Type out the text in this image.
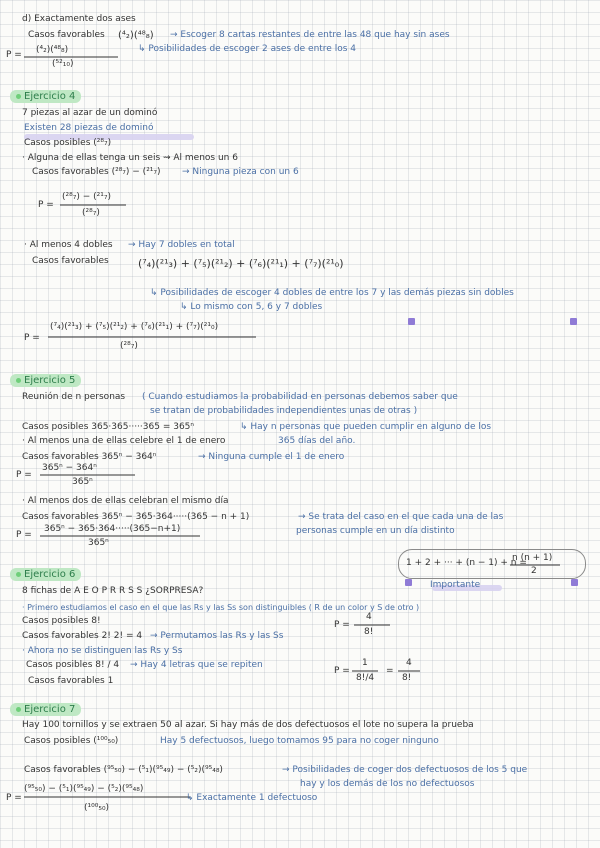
d) Exactamente dos ases
Casos favorables (⁴₂)(⁴⁸₈) → Escoger 8 cartas restantes de entre las 48 que hay sin ases
↳ Posibilidades de escoger 2 ases de entre los 4
P = (⁴₂)(⁴⁸₈)
(⁵²₁₀)
Ejercicio 4
7 piezas al azar de un dominó
Existen 28 piezas de dominó
Casos posibles (²⁸₇)
· Alguna de ellas tenga un seis ⇝ Al menos un 6
Casos favorables (²⁸₇) − (²¹₇) → Ninguna pieza con un 6
P =
(²⁸₇) − (²¹₇)
(²⁸₇)
· Al menos 4 dobles → Hay 7 dobles en total
Casos favorables	(⁷₄)(²¹₃) + (⁷₅)(²¹₂) + (⁷₆)(²¹₁) + (⁷₇)(²¹₀)
↳ Posibilidades de escoger 4 dobles de entre los 7 y las demás piezas sin dobles
↳ Lo mismo con 5, 6 y 7 dobles
P =
(⁷₄)(²¹₃) + (⁷₅)(²¹₂) + (⁷₆)(²¹₁) + (⁷₇)(²¹₀)
(²⁸₇)
Ejercicio 5
Reunión de n personas ( Cuando estudiamos la probabilidad en personas debemos saber que
se tratan de probabilidades independientes unas de otras )
Casos posibles 365·365·····365 = 365ⁿ	↳ Hay n personas que pueden cumplir en alguno de los
· Al menos una de ellas celebre el 1 de enero	365 días del año.
Casos favorables 365ⁿ − 364ⁿ	→ Ninguna cumple el 1 de enero
P =
365ⁿ − 364ⁿ
365ⁿ
· Al menos dos de ellas celebran el mismo día
Casos favorables 365ⁿ − 365·364·····(365 − n + 1)	→ Se trata del caso en el que cada una de las
personas cumple en un día distinto
P =
365ⁿ − 365·364·····(365−n+1)
365ⁿ
1 + 2 + ··· + (n − 1) + n =
n (n + 1)
2
Importante
Ejercicio 6
8 fichas de A E O P R R S S ¿SORPRESA?
· Primero estudiamos el caso en el que las Rs y las Ss son distinguibles ( R de un color y S de otro )
Casos posibles 8!
Casos favorables 2! 2! = 4 → Permutamos las Rs y las Ss
P =
4
8!
· Ahora no se distinguen las Rs y Ss
Casos posibles 8! / 4 → Hay 4 letras que se repiten
Casos favorables 1
P =
1
8!/4
=
4
8!
Ejercicio 7
Hay 100 tornillos y se extraen 50 al azar. Si hay más de dos defectuosos el lote no supera la prueba
Casos posibles (¹⁰⁰₅₀)	Hay 5 defectuosos, luego tomamos 95 para no coger ninguno
Casos favorables (⁹⁵₅₀) − (⁵₁)(⁹⁵₄₉) − (⁵₂)(⁹⁵₄₈)	→ Posibilidades de coger dos defectuosos de los 5 que
hay y los demás de los no defectuosos
↳ Exactamente 1 defectuoso
P =
(⁹⁵₅₀) − (⁵₁)(⁹⁵₄₉) − (⁵₂)(⁹⁵₄₈)
(¹⁰⁰₅₀)
